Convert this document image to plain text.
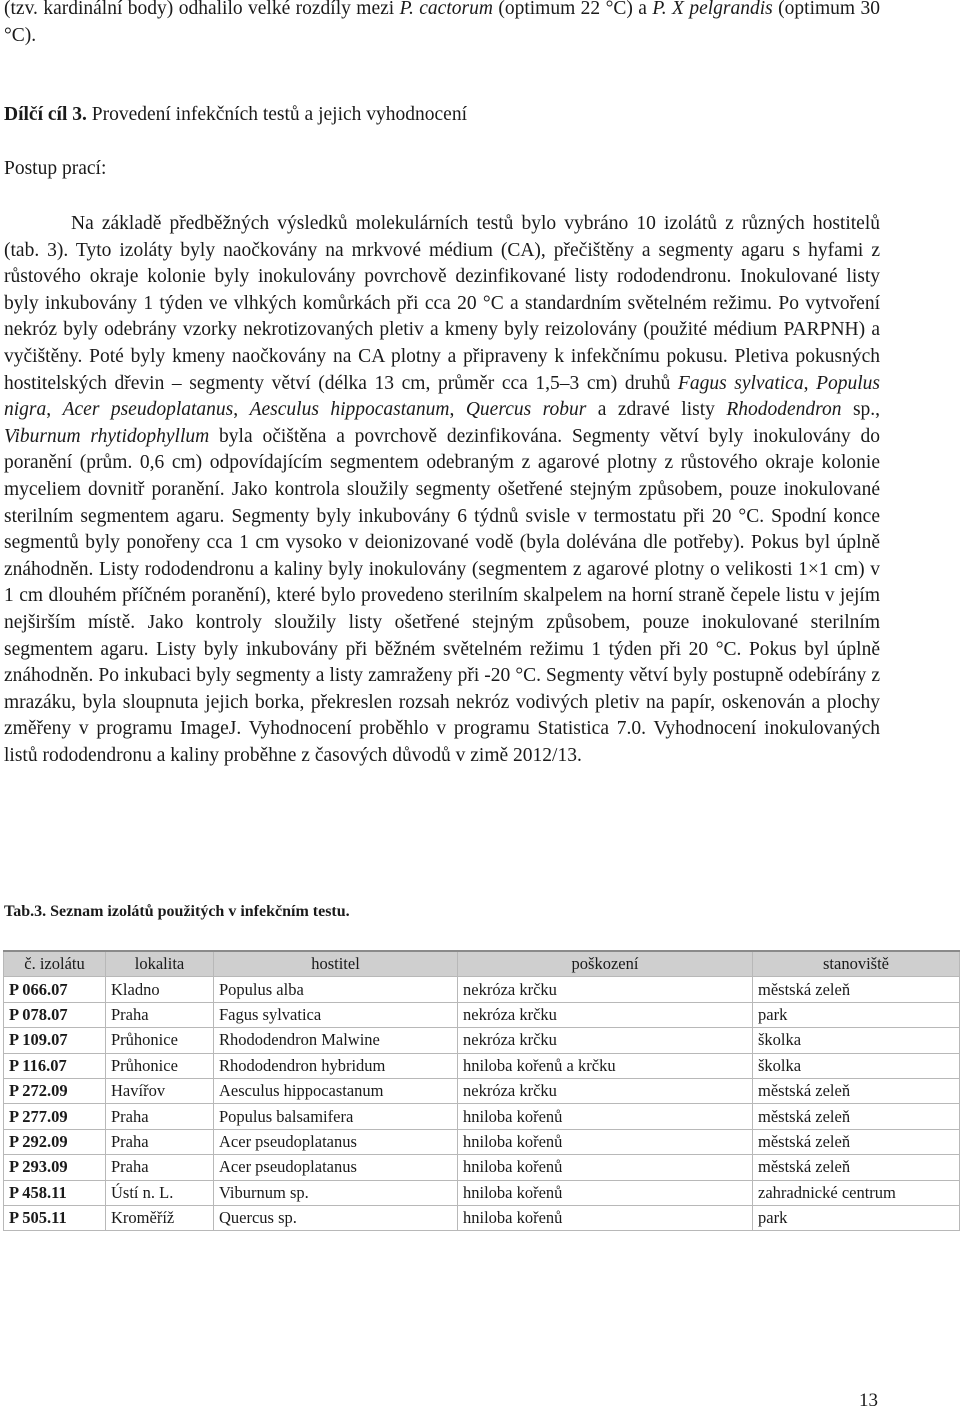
(tzv. kardinální body) odhalilo velké rozdíly mezi P. cactorum (optimum 22 °C) a P. X pelgrandis (optimum 30 °C).

Dílčí cíl 3. Provedení infekčních testů a jejich vyhodnocení

Postup prací:

Na základě předběžných výsledků molekulárních testů bylo vybráno 10 izolátů z různých hostitelů (tab. 3). Tyto izoláty byly naočkovány na mrkvové médium (CA), přečištěny a segmenty agaru s hyfami z růstového okraje kolonie byly inokulovány povrchově dezinfikované listy rododendronu. Inokulované listy byly inkubovány 1 týden ve vlhkých komůrkách při cca 20 °C a standardním světelném režimu. Po vytvoření nekróz byly odebrány vzorky nekrotizovaných pletiv a kmeny byly reizolovány (použité médium PARPNH) a vyčištěny. Poté byly kmeny naočkovány na CA plotny a připraveny k infekčnímu pokusu. Pletiva pokusných hostitelských dřevin – segmenty větví (délka 13 cm, průměr cca 1,5–3 cm) druhů Fagus sylvatica, Populus nigra, Acer pseudoplatanus, Aesculus hippocastanum, Quercus robur a zdravé listy Rhododendron sp., Viburnum rhytidophyllum byla očištěna a povrchově dezinfikována. Segmenty větví byly inokulovány do poranění (prům. 0,6 cm) odpovídajícím segmentem odebraným z agarové plotny z růstového okraje kolonie myceliem dovnitř poranění. Jako kontrola sloužily segmenty ošetřené stejným způsobem, pouze inokulované sterilním segmentem agaru. Segmenty byly inkubovány 6 týdnů svisle v termostatu při 20 °C. Spodní konce segmentů byly ponořeny cca 1 cm vysoko v deionizované vodě (byla dolévána dle potřeby). Pokus byl úplně znáhodněn. Listy rododendronu a kaliny byly inokulovány (segmentem z agarové plotny o velikosti 1×1 cm) v 1 cm dlouhém příčném poranění), které bylo provedeno sterilním skalpelem na horní straně čepele listu v jejím nejširším místě. Jako kontroly sloužily listy ošetřené stejným způsobem, pouze inokulované sterilním segmentem agaru. Listy byly inkubovány při běžném světelném režimu 1 týden při 20 °C. Pokus byl úplně znáhodněn. Po inkubaci byly segmenty a listy zamraženy při -20 °C. Segmenty větví byly postupně odebírány z mrazáku, byla sloupnuta jejich borka, překreslen rozsah nekróz vodivých pletiv na papír, oskenován a plochy změřeny v programu ImageJ. Vyhodnocení proběhlo v programu Statistica 7.0. Vyhodnocení inokulovaných listů rododendronu a kaliny proběhne z časových důvodů v zimě 2012/13.

Tab.3. Seznam izolátů použitých v infekčním testu.

č. izolátu	lokalita	hostitel	poškození	stanoviště
P 066.07	Kladno	Populus alba	nekróza krčku	městská zeleň
P 078.07	Praha	Fagus sylvatica	nekróza krčku	park
P 109.07	Průhonice	Rhododendron Malwine	nekróza krčku	školka
P 116.07	Průhonice	Rhododendron hybridum	hniloba kořenů a krčku	školka
P 272.09	Havířov	Aesculus hippocastanum	nekróza krčku	městská zeleň
P 277.09	Praha	Populus balsamifera	hniloba kořenů	městská zeleň
P 292.09	Praha	Acer pseudoplatanus	hniloba kořenů	městská zeleň
P 293.09	Praha	Acer pseudoplatanus	hniloba kořenů	městská zeleň
P 458.11	Ústí n. L.	Viburnum sp.	hniloba kořenů	zahradnické centrum
P 505.11	Kroměříž	Quercus sp.	hniloba kořenů	park
13
